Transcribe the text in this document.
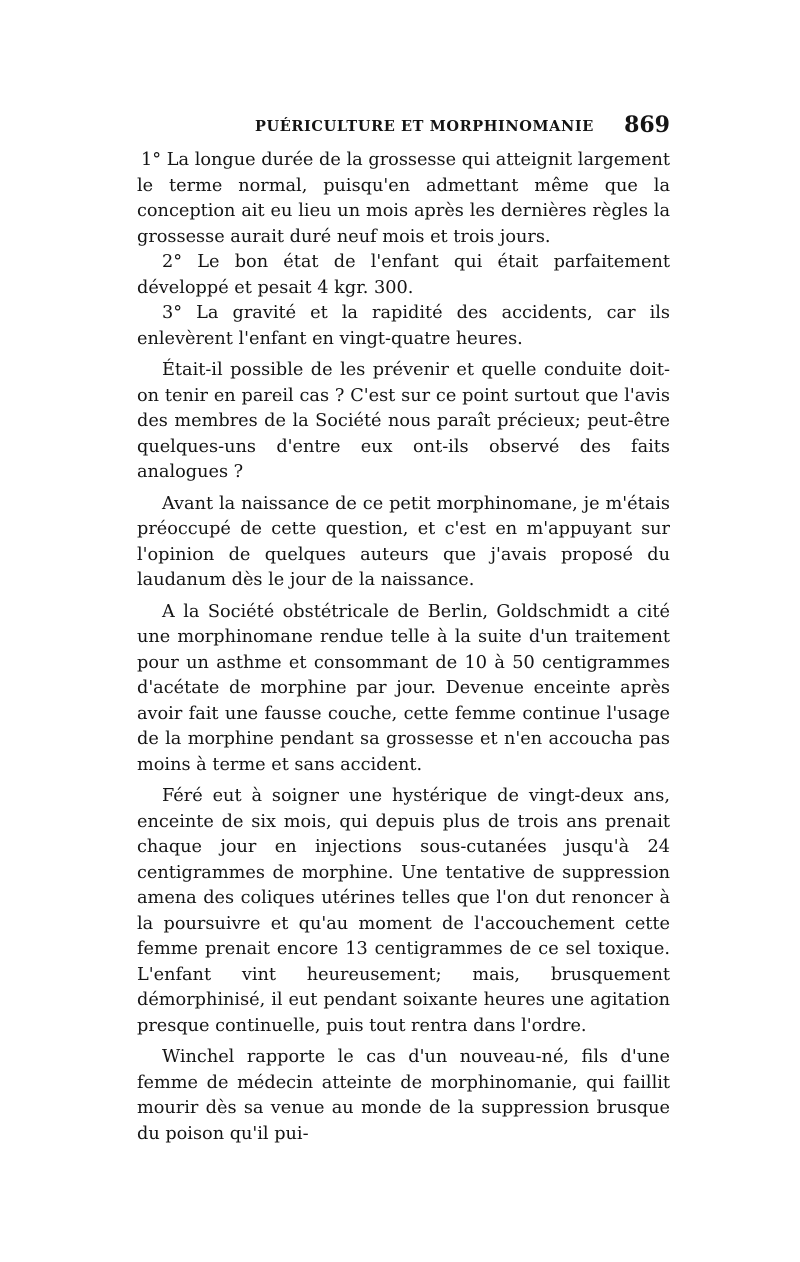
PUÉRICULTURE ET MORPHINOMANIE 869

1° La longue durée de la grossesse qui atteignit largement le terme normal, puisqu'en admettant même que la conception ait eu lieu un mois après les dernières règles la grossesse aurait duré neuf mois et trois jours.

2° Le bon état de l'enfant qui était parfaitement développé et pesait 4 kgr. 300.

3° La gravité et la rapidité des accidents, car ils enlevèrent l'enfant en vingt-quatre heures.

Était-il possible de les prévenir et quelle conduite doit-on tenir en pareil cas ? C'est sur ce point surtout que l'avis des membres de la Société nous paraît précieux; peut-être quelques-uns d'entre eux ont-ils observé des faits analogues ?

Avant la naissance de ce petit morphinomane, je m'étais préoccupé de cette question, et c'est en m'appuyant sur l'opinion de quelques auteurs que j'avais proposé du laudanum dès le jour de la naissance.

A la Société obstétricale de Berlin, Goldschmidt a cité une morphinomane rendue telle à la suite d'un traitement pour un asthme et consommant de 10 à 50 centigrammes d'acétate de morphine par jour. Devenue enceinte après avoir fait une fausse couche, cette femme continue l'usage de la morphine pendant sa grossesse et n'en accoucha pas moins à terme et sans accident.

Féré eut à soigner une hystérique de vingt-deux ans, enceinte de six mois, qui depuis plus de trois ans prenait chaque jour en injections sous-cutanées jusqu'à 24 centigrammes de morphine. Une tentative de suppression amena des coliques utérines telles que l'on dut renoncer à la poursuivre et qu'au moment de l'accouchement cette femme prenait encore 13 centigrammes de ce sel toxique. L'enfant vint heureusement; mais, brusquement démorphinisé, il eut pendant soixante heures une agitation presque continuelle, puis tout rentra dans l'ordre.

Winchel rapporte le cas d'un nouveau-né, fils d'une femme de médecin atteinte de morphinomanie, qui faillit mourir dès sa venue au monde de la suppression brusque du poison qu'il pui-
